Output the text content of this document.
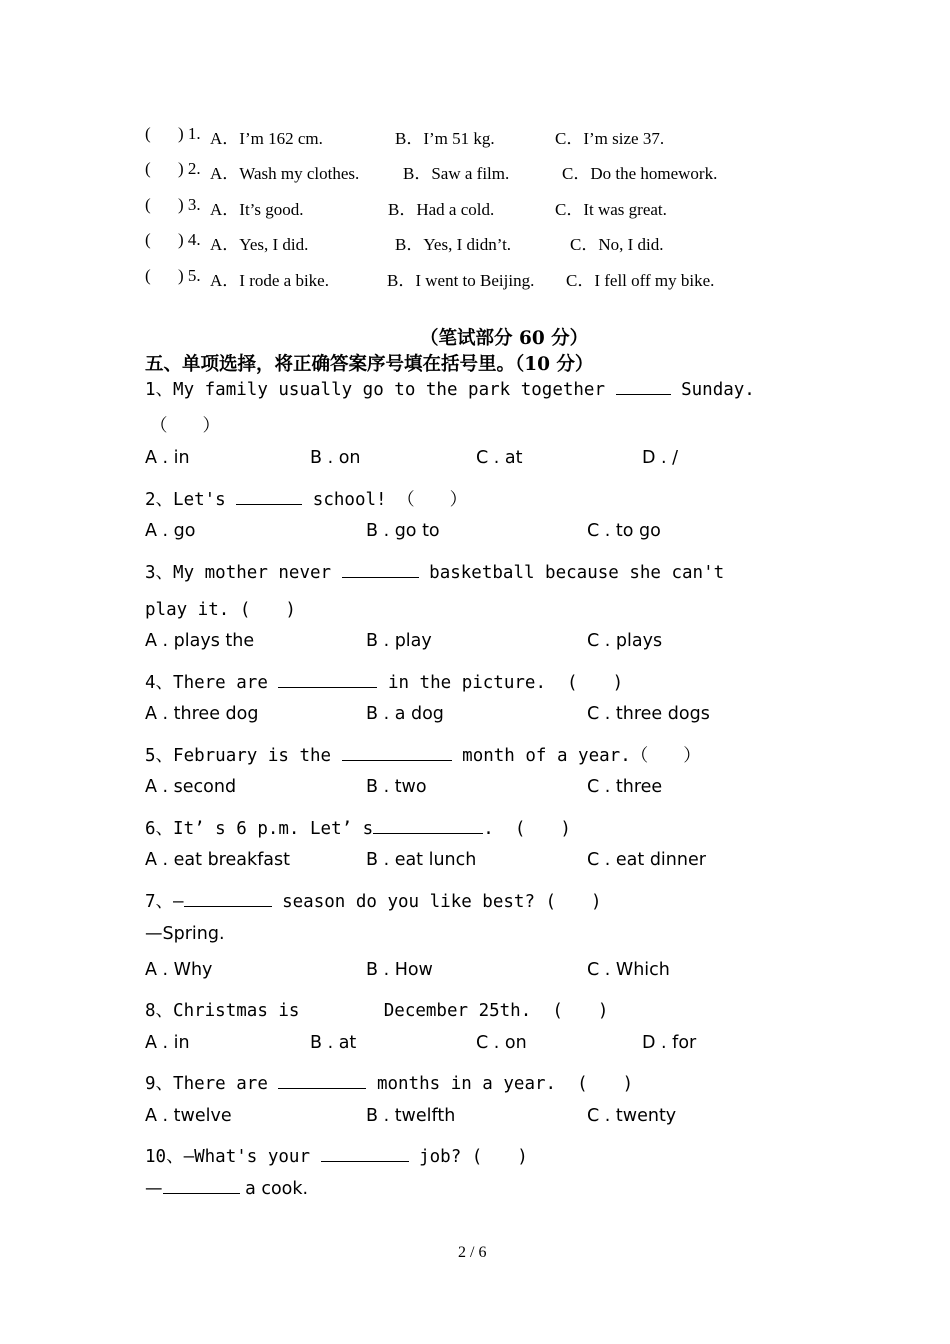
( ) 1. A．I’m 162 cm.	B．I’m 51 kg.	C．I’m size 37.
( ) 2. A．Wash my clothes.	B．Saw a film.	C．Do the homework.
( ) 3. A．It’s good.	B．Had a cold.	C．It was great.
( ) 4. A．Yes, I did.	B．Yes, I didn’t.	C．No, I did.
( ) 5. A．I rode a bike.	B．I went to Beijing. C．I fell off my bike.
（笔试部分 60 分）
五、单项选择，将正确答案序号填在括号里。（10 分）
1、My family usually go to the park together	Sunday.
（　　）
A . in	B . on	C . at	D . /
2、Let's	school! （　　）
A . go	B . go to	C . to go
3、My mother never	basketball because she can't
play it. (　　)
A . plays the	B . play	C . plays
4、There are	in the picture.  (　　)
A . three dog	B . a dog	C . three dogs
5、February is the	month of a year.（　　）
A . second	B . two	C . three
6、It’ s 6 p.m. Let’ s	.  (　　)
A . eat breakfast	B . eat lunch	C . eat dinner
7、—	season do you like best? (　　)
—Spring.
A . Why	B . How	C . Which
8、Christmas is        December 25th.  (　　)
A . in	B . at	C . on	D . for
9、There are	months in a year.  (　　)
A . twelve	B . twelfth	C . twenty
10、—What's your	job? (　　)
—	a cook.
2 / 6
